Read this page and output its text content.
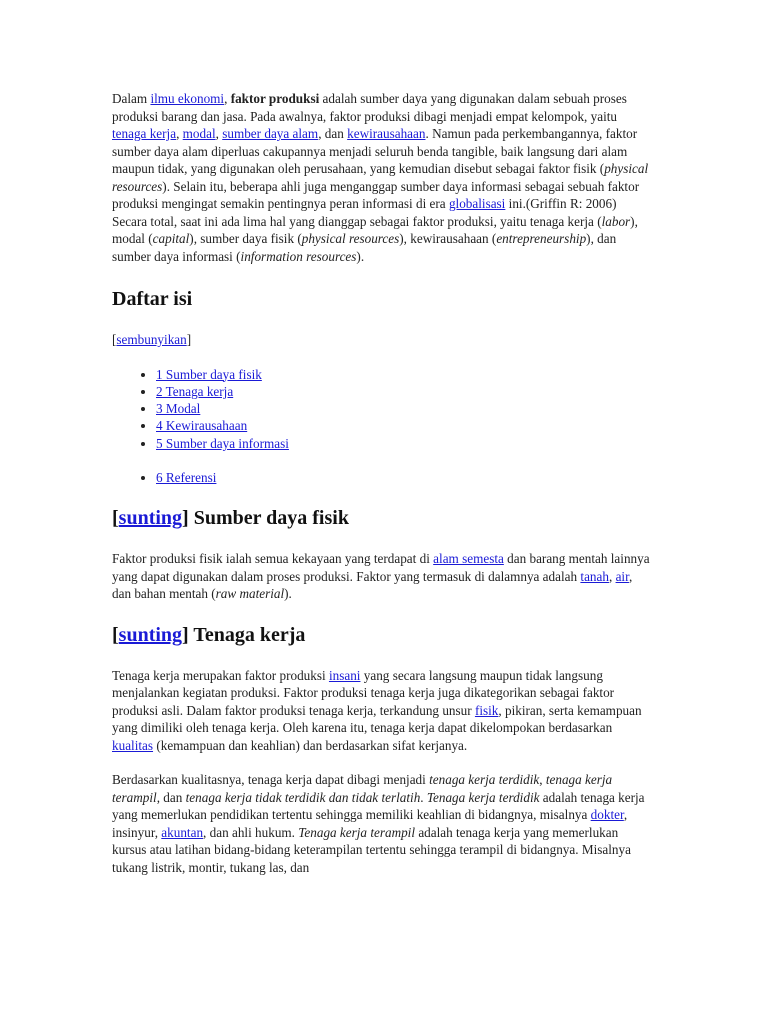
Dalam ilmu ekonomi, faktor produksi adalah sumber daya yang digunakan dalam sebuah proses produksi barang dan jasa. Pada awalnya, faktor produksi dibagi menjadi empat kelompok, yaitu tenaga kerja, modal, sumber daya alam, dan kewirausahaan. Namun pada perkembangannya, faktor sumber daya alam diperluas cakupannya menjadi seluruh benda tangible, baik langsung dari alam maupun tidak, yang digunakan oleh perusahaan, yang kemudian disebut sebagai faktor fisik (physical resources). Selain itu, beberapa ahli juga menganggap sumber daya informasi sebagai sebuah faktor produksi mengingat semakin pentingnya peran informasi di era globalisasi ini.(Griffin R: 2006) Secara total, saat ini ada lima hal yang dianggap sebagai faktor produksi, yaitu tenaga kerja (labor), modal (capital), sumber daya fisik (physical resources), kewirausahaan (entrepreneurship), dan sumber daya informasi (information resources).

Daftar isi

[sembunyikan]

• 1 Sumber daya fisik
• 2 Tenaga kerja
• 3 Modal
• 4 Kewirausahaan
• 5 Sumber daya informasi
• 6 Referensi
[sunting] Sumber daya fisik

Faktor produksi fisik ialah semua kekayaan yang terdapat di alam semesta dan barang mentah lainnya yang dapat digunakan dalam proses produksi. Faktor yang termasuk di dalamnya adalah tanah, air, dan bahan mentah (raw material).

[sunting] Tenaga kerja

Tenaga kerja merupakan faktor produksi insani yang secara langsung maupun tidak langsung menjalankan kegiatan produksi. Faktor produksi tenaga kerja juga dikategorikan sebagai faktor produksi asli. Dalam faktor produksi tenaga kerja, terkandung unsur fisik, pikiran, serta kemampuan yang dimiliki oleh tenaga kerja. Oleh karena itu, tenaga kerja dapat dikelompokan berdasarkan kualitas (kemampuan dan keahlian) dan berdasarkan sifat kerjanya.

Berdasarkan kualitasnya, tenaga kerja dapat dibagi menjadi tenaga kerja terdidik, tenaga kerja terampil, dan tenaga kerja tidak terdidik dan tidak terlatih. Tenaga kerja terdidik adalah tenaga kerja yang memerlukan pendidikan tertentu sehingga memiliki keahlian di bidangnya, misalnya dokter, insinyur, akuntan, dan ahli hukum. Tenaga kerja terampil adalah tenaga kerja yang memerlukan kursus atau latihan bidang-bidang keterampilan tertentu sehingga terampil di bidangnya. Misalnya tukang listrik, montir, tukang las, dan
